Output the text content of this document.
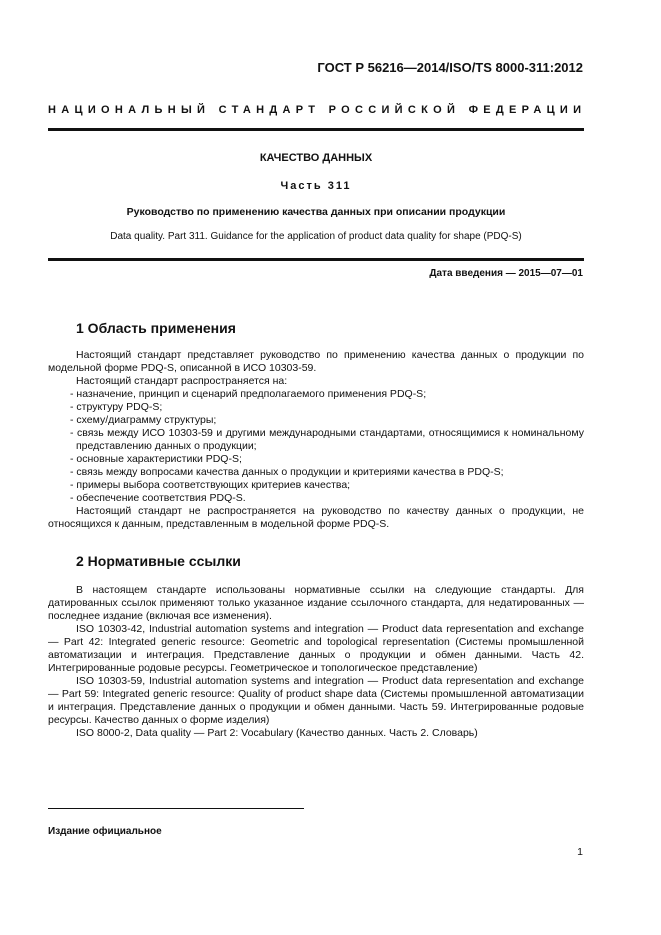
ГОСТ Р 56216—2014/ISO/TS 8000-311:2012
НАЦИОНАЛЬНЫЙ СТАНДАРТ РОССИЙСКОЙ ФЕДЕРАЦИИ
КАЧЕСТВО ДАННЫХ
Часть 311
Руководство по применению качества данных при описании продукции
Data quality. Part 311. Guidance for the application of product data quality for shape (PDQ-S)
Дата введения — 2015—07—01
1 Область применения

Настоящий стандарт представляет руководство по применению качества данных о продукции по модельной форме PDQ-S, описанной в ИСО 10303-59.

Настоящий стандарт распространяется на:

- назначение, принцип и сценарий предполагаемого применения PDQ-S;

- структуру PDQ-S;

- схему/диаграмму структуры;

- связь между ИСО 10303-59 и другими международными стандартами, относящимися к номинальному представлению данных о продукции;

- основные характеристики PDQ-S;

- связь между вопросами качества данных о продукции и критериями качества в PDQ-S;

- примеры выбора соответствующих критериев качества;

- обеспечение соответствия PDQ-S.

Настоящий стандарт не распространяется на руководство по качеству данных о продукции, не относящихся к данным, представленным в модельной форме PDQ-S.

2 Нормативные ссылки

В настоящем стандарте использованы нормативные ссылки на следующие стандарты. Для датированных ссылок применяют только указанное издание ссылочного стандарта, для недатированных — последнее издание (включая все изменения).

ISO 10303-42, Industrial automation systems and integration — Product data representation and exchange — Part 42: Integrated generic resource: Geometric and topological representation (Системы промышленной автоматизации и интеграция. Представление данных о продукции и обмен данными. Часть 42. Интегрированные родовые ресурсы. Геометрическое и топологическое представление)

ISO 10303-59, Industrial automation systems and integration — Product data representation and exchange — Part 59: Integrated generic resource: Quality of product shape data (Системы промышленной автоматизации и интеграция. Представление данных о продукции и обмен данными. Часть 59. Интегрированные родовые ресурсы. Качество данных о форме изделия)

ISO 8000-2, Data quality — Part 2: Vocabulary (Качество данных. Часть 2. Словарь)

Издание официальное
1
